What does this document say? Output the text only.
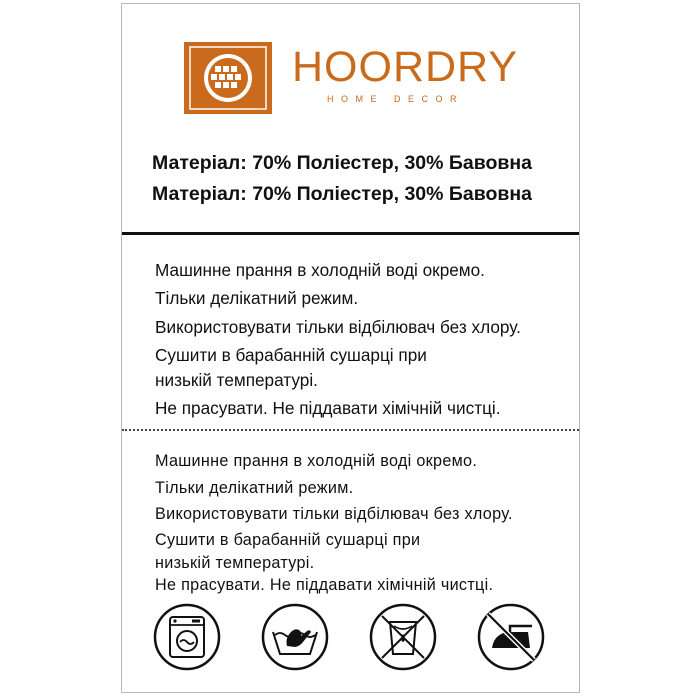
HOORDRY
HOME DECOR
Матеріал: 70% Поліестер, 30% Бавовна
Матеріал: 70% Поліестер, 30% Бавовна
Машинне прання в холодній воді окремо.
Тільки делікатний режим.
Використовувати тільки відбілювач без хлору.
Сушити в барабанній сушарці при
низькій температурі.
Не прасувати. Не піддавати хімічній чистці.
Машинне прання в холодній воді окремо.
Тільки делікатний режим.
Використовувати тільки відбілювач без хлору.
Сушити в барабанній сушарці при
низькій температурі.
Не прасувати. Не піддавати хімічній чистці.
